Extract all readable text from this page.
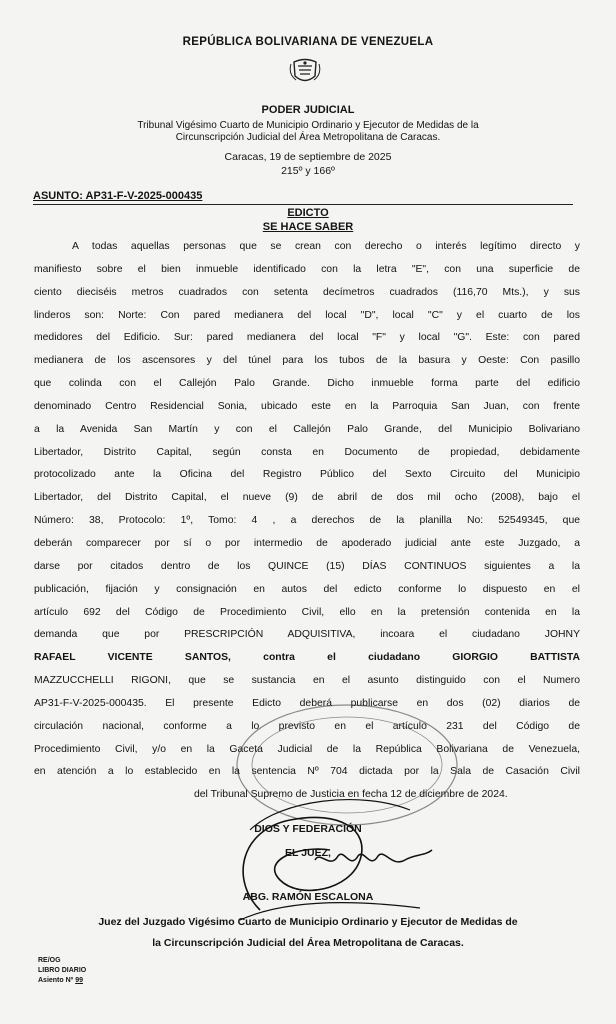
REPÚBLICA BOLIVARIANA DE VENEZUELA
PODER JUDICIAL
Tribunal Vigésimo Cuarto de Municipio Ordinario y Ejecutor de Medidas de la
Circunscripción Judicial del Área Metropolitana de Caracas.
Caracas, 19 de septiembre de 2025
215º y 166º
ASUNTO: AP31-F-V-2025-000435
EDICTO
SE HACE SABER
A todas aquellas personas que se crean con derecho o interés legítimo directo y
manifiesto sobre el bien inmueble identificado con la letra "E", con una superficie de
ciento dieciséis metros cuadrados con setenta decímetros cuadrados (116,70 Mts.), y sus
linderos son: Norte: Con pared medianera del local "D", local "C" y el cuarto de los
medidores del Edificio. Sur: pared medianera del local "F" y local "G". Este: con pared
medianera de los ascensores y del túnel para los tubos de la basura y Oeste: Con pasillo
que colinda con el Callejón Palo Grande. Dicho inmueble forma parte del edificio
denominado Centro Residencial Sonia, ubicado este en la Parroquia San Juan, con frente
a la Avenida San Martín y con el Callejón Palo Grande, del Municipio Bolivariano
Libertador, Distrito Capital, según consta en Documento de propiedad, debidamente
protocolizado ante la Oficina del Registro Público del Sexto Circuito del Municipio
Libertador, del Distrito Capital, el nueve (9) de abril de dos mil ocho (2008), bajo el
Número: 38, Protocolo: 1º, Tomo: 4 , a derechos de la planilla No: 52549345, que
deberán comparecer por sí o por intermedio de apoderado judicial ante este Juzgado, a
darse por citados dentro de los QUINCE (15) DÍAS CONTINUOS siguientes a la
publicación, fijación y consignación en autos del edicto conforme lo dispuesto en el
artículo 692 del Código de Procedimiento Civil, ello en la pretensión contenida en la
demanda que por PRESCRIPCIÓN ADQUISITIVA, incoara el ciudadano JOHNY
RAFAEL VICENTE SANTOS, contra el ciudadano GIORGIO BATTISTA
MAZZUCCHELLI RIGONI, que se sustancia en el asunto distinguido con el Numero
AP31-F-V-2025-000435. El presente Edicto deberá publicarse en dos (02) diarios de
circulación nacional, conforme a lo previsto en el artículo 231 del Código de
Procedimiento Civil, y/o en la Gaceta Judicial de la República Bolivariana de Venezuela,
en atención a lo establecido en la sentencia Nº 704 dictada por la Sala de Casación Civil
del Tribunal Supremo de Justicia en fecha 12 de diciembre de 2024.
DIOS Y FEDERACIÓN
EL JUEZ,
ABG. RAMÓN ESCALONA
Juez del Juzgado Vigésimo Cuarto de Municipio Ordinario y Ejecutor de Medidas de
la Circunscripción Judicial del Área Metropolitana de Caracas.
RE/OG
LIBRO DIARIO
Asiento Nº 99
